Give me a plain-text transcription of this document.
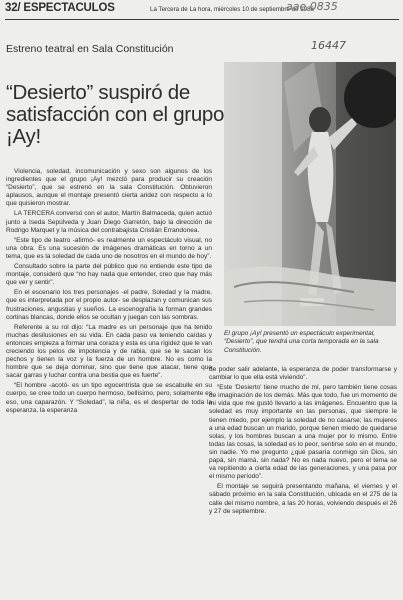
32/ ESPECTACULOS	La Tercera de La hora, miércoles 10 de septiembre de 1986
aae 0835
16447
Estreno teatral en Sala Constitución
“Desierto” suspiró de satisfacción con el grupo ¡Ay!
El grupo ¡Ay! presentó un espectáculo experimental, “Desierto”, que tendrá una corta temporada en la sala Constitución.

Violencia, soledad, incomunicación y sexo son algunos de los ingredientes que el grupo ¡Ay! mezcló para producir su creación “Desierto”, que se estrenó en la sala Constitución. Obtuvieron aplausos, aunque el montaje presentó cierta aridez con respecto a lo que quisieron mostrar.

LA TERCERA conversó con el autor, Martín Balmaceda, quien actuó junto a Iseda Sepúlveda y Juan Diego Garretón, bajo la dirección de Rodrigo Marquet y la música del contrabajista Cristián Errandonea.

“Este tipo de teatro -afirmó- es realmente un espectáculo visual, no una obra. Es una sucesión de imágenes dramáticas en torno a un tema, que es la soledad de cada uno de nosotros en el mundo de hoy”.

Consultado sobre la parte del público que no entiende este tipo de montaje, consideró que “no hay nada que entender, creo que hay más que ver y sentir”.

En el escenario los tres personajes -el padre, Soledad y la madre, que es interpretada por el propio autor- se desplazan y comunican sus frustraciones, angustias y sueños. La escenografía la forman grandes cortinas blancas, donde ellos se ocultan y juegan con las sombras.

Referente a su rol dijo: “La madre es un personaje que ha tenido muchas desilusiones en su vida. En cada paso va teniendo caídas y entonces empieza a formar una coraza y esta es una rigidez que le van creciendo los pelos de impotencia y de rabia, que se le sacan los pechos y tienen la voz y la fuerza de un hombre. No es como la hombre que se deja dominar, sino que tiene que atacar, tiene que sacar garras y luchar contra una bestia que es fuerte”.

“El hombre -acotó- es un tipo egocentrista que se escabulle en su cuerpo, se cree todo un cuerpo hermoso, bellísimo, pero, solamente es eso, una caparazón. Y “Soledad”, la niña, es el despertar de toda la esperanza, la esperanza

de poder salir adelante, la esperanza de poder transformarse y cambiar lo que ella está viviendo”.

“Este ‘Desierto’ tiene mucho de mí, pero también tiene cosas de imaginación de los demás. Más que todo, fue un momento de mi vida que me gustó llevarlo a las imágenes. Encuentro que la soledad es muy importante en las personas, que siempre le tienen miedo, por ejemplo la soledad de no casarse; las mujeres a una edad buscan un marido, porque tienen miedo de quedarse solas, y los hombres buscan a una mujer por lo mismo. Entre todas las cosas, la soledad es lo peor, sentirse solo en el mundo, sin nadie. Yo me pregunto ¿qué pasaría conmigo sin Dios, sin papá, sin mamá, sin nada? No es nada nuevo, pero el tema se va repitiendo a cierta edad de las generaciones, y una pasa por el mismo período”.

El montaje se seguirá presentando mañana, el viernes y el sábado próximo en la sala Constitución, ubicada en el 275 de la calle del mismo nombre, a las 20 horas, volviendo después el 26 y 27 de septiembre.
